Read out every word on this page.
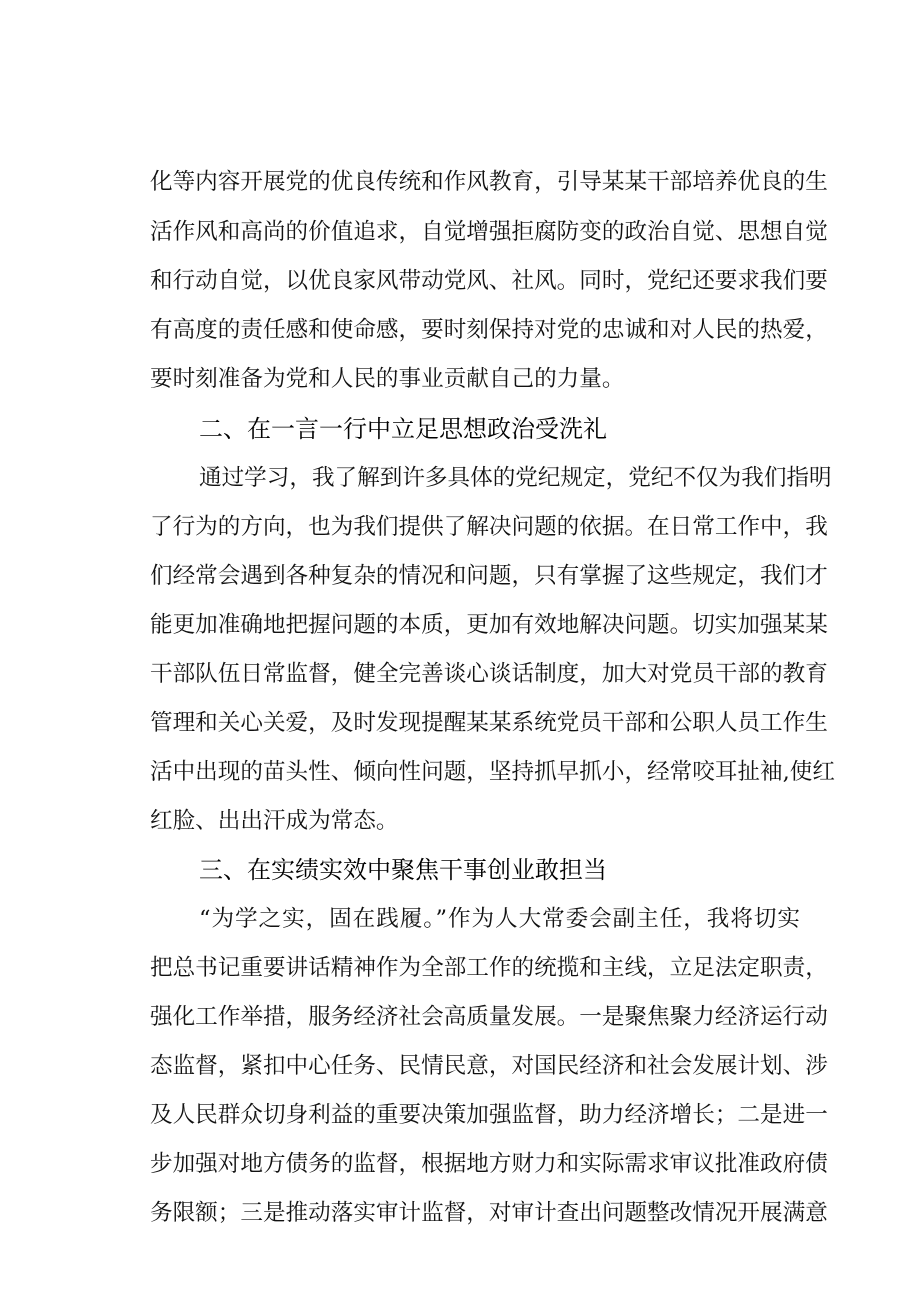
化等内容开展党的优良传统和作风教育，引导某某干部培养优良的生
活作风和高尚的价值追求，自觉增强拒腐防变的政治自觉、思想自觉
和行动自觉，以优良家风带动党风、社风。同时，党纪还要求我们要
有高度的责任感和使命感，要时刻保持对党的忠诚和对人民的热爱，
要时刻准备为党和人民的事业贡献自己的力量。
二、在一言一行中立足思想政治受洗礼
通过学习，我了解到许多具体的党纪规定，党纪不仅为我们指明
了行为的方向，也为我们提供了解决问题的依据。在日常工作中，我
们经常会遇到各种复杂的情况和问题，只有掌握了这些规定，我们才
能更加准确地把握问题的本质，更加有效地解决问题。切实加强某某
干部队伍日常监督，健全完善谈心谈话制度，加大对党员干部的教育
管理和关心关爱，及时发现提醒某某系统党员干部和公职人员工作生
活中出现的苗头性、倾向性问题，坚持抓早抓小，经常咬耳扯袖,使红
红脸、出出汗成为常态。
三、在实绩实效中聚焦干事创业敢担当
“为学之实，固在践履。”作为人大常委会副主任，我将切实
把总书记重要讲话精神作为全部工作的统揽和主线，立足法定职责，
强化工作举措，服务经济社会高质量发展。一是聚焦聚力经济运行动
态监督，紧扣中心任务、民情民意，对国民经济和社会发展计划、涉
及人民群众切身利益的重要决策加强监督，助力经济增长；二是进一
步加强对地方债务的监督，根据地方财力和实际需求审议批准政府债
务限额；三是推动落实审计监督，对审计查出问题整改情况开展满意
